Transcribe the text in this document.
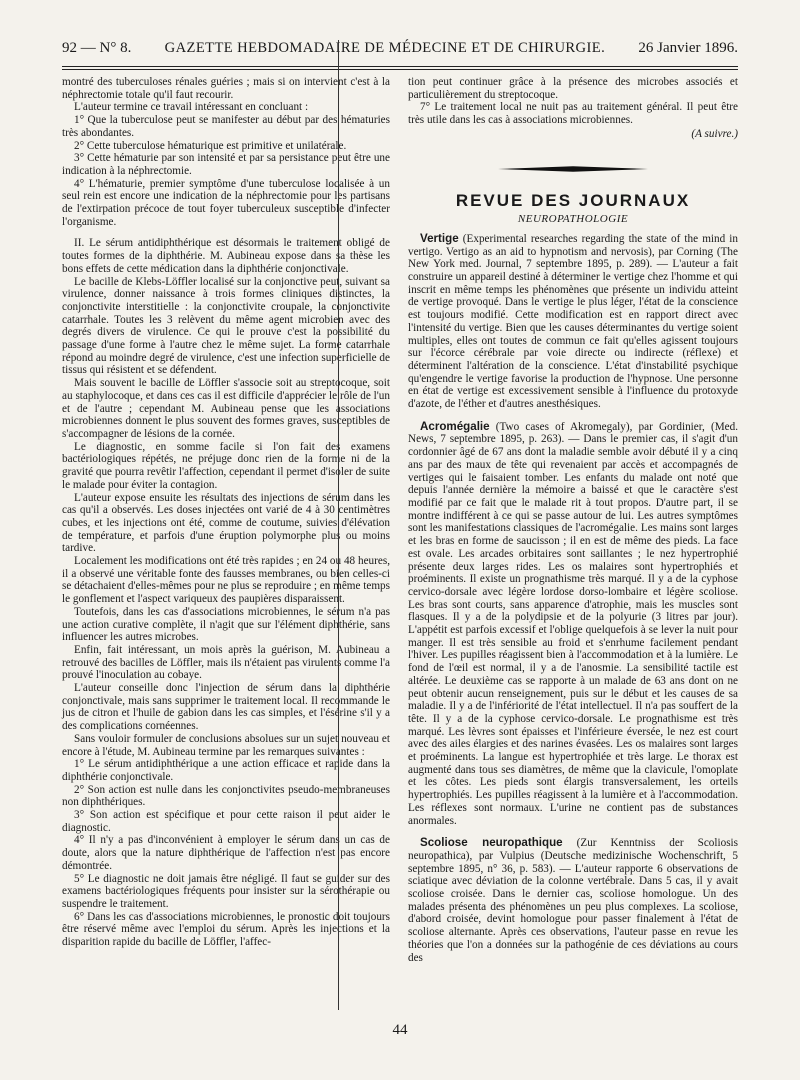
92 — N° 8. GAZETTE HEBDOMADAIRE DE MÉDECINE ET DE CHIRURGIE. 26 Janvier 1896.

montré des tuberculoses rénales guéries ; mais si on intervient c'est à la néphrectomie totale qu'il faut recourir.

L'auteur termine ce travail intéressant en concluant :

1° Que la tuberculose peut se manifester au début par des hématuries très abondantes.

2° Cette tuberculose hématurique est primitive et unilatérale.

3° Cette hématurie par son intensité et par sa persistance peut être une indication à la néphrectomie.

4° L'hématurie, premier symptôme d'une tuberculose localisée à un seul rein est encore une indication de la néphrectomie pour les partisans de l'extirpation précoce de tout foyer tuberculeux susceptible d'infecter l'organisme.

II. Le sérum antidiphthérique est désormais le traitement obligé de toutes formes de la diphthérie. M. Aubineau expose dans sa thèse les bons effets de cette médication dans la diphthérie conjonctivale.

Le bacille de Klebs-Löffler localisé sur la conjonctive peut, suivant sa virulence, donner naissance à trois formes cliniques distinctes, la conjonctivite interstitielle : la conjonctivite croupale, la conjonctivite catarrhale. Toutes les 3 relèvent du même agent microbien avec des degrés divers de virulence. Ce qui le prouve c'est la possibilité du passage d'une forme à l'autre chez le même sujet. La forme catarrhale répond au moindre degré de virulence, c'est une infection superficielle de tissus qui résistent et se défendent.

Mais souvent le bacille de Löffler s'associe soit au streptocoque, soit au staphylocoque, et dans ces cas il est difficile d'apprécier le rôle de l'un et de l'autre ; cependant M. Aubineau pense que les associations microbiennes donnent le plus souvent des formes graves, susceptibles de s'accompagner de lésions de la cornée.

Le diagnostic, en somme facile si l'on fait des examens bactériologiques répétés, ne préjuge donc rien de la forme ni de la gravité que pourra revêtir l'affection, cependant il permet d'isoler de suite le malade pour éviter la contagion.

L'auteur expose ensuite les résultats des injections de sérum dans les cas qu'il a observés. Les doses injectées ont varié de 4 à 30 centimètres cubes, et les injections ont été, comme de coutume, suivies d'élévation de température, et parfois d'une éruption polymorphe plus ou moins tardive.

Localement les modifications ont été très rapides ; en 24 ou 48 heures, il a observé une véritable fonte des fausses membranes, ou bien celles-ci se détachaient d'elles-mêmes pour ne plus se reproduire ; en même temps le gonflement et l'aspect variqueux des paupières disparaissent.

Toutefois, dans les cas d'associations microbiennes, le sérum n'a pas une action curative complète, il n'agit que sur l'élément diphthérie, sans influencer les autres microbes.

Enfin, fait intéressant, un mois après la guérison, M. Aubineau a retrouvé des bacilles de Löffler, mais ils n'étaient pas virulents comme l'a prouvé l'inoculation au cobaye.

L'auteur conseille donc l'injection de sérum dans la diphthérie conjonctivale, mais sans supprimer le traitement local. Il recommande le jus de citron et l'huile de gabion dans les cas simples, et l'ésérine s'il y a des complications cornéennes.

Sans vouloir formuler de conclusions absolues sur un sujet nouveau et encore à l'étude, M. Aubineau termine par les remarques suivantes :

1° Le sérum antidiphthérique a une action efficace et rapide dans la diphthérie conjonctivale.

2° Son action est nulle dans les conjonctivites pseudo-membraneuses non diphthériques.

3° Son action est spécifique et pour cette raison il peut aider le diagnostic.

4° Il n'y a pas d'inconvénient à employer le sérum dans un cas de doute, alors que la nature diphthérique de l'affection n'est pas encore démontrée.

5° Le diagnostic ne doit jamais être négligé. Il faut se guider sur des examens bactériologiques fréquents pour insister sur la sérothérapie ou suspendre le traitement.

6° Dans les cas d'associations microbiennes, le pronostic doit toujours être réservé même avec l'emploi du sérum. Après les injections et la disparition rapide du bacille de Löffler, l'affec-

tion peut continuer grâce à la présence des microbes associés et particulièrement du streptocoque.

7° Le traitement local ne nuit pas au traitement général. Il peut être très utile dans les cas à associations microbiennes.

(A suivre.)
REVUE DES JOURNAUX
NEUROPATHOLOGIE

Vertige (Experimental researches regarding the state of the mind in vertigo. Vertigo as an aid to hypnotism and nervosis), par Corning (The New York med. Journal, 7 septembre 1895, p. 289). — L'auteur a fait construire un appareil destiné à déterminer le vertige chez l'homme et qui inscrit en même temps les phénomènes que présente un individu atteint de vertige provoqué. Dans le vertige le plus léger, l'état de la conscience est toujours modifié. Cette modification est en rapport direct avec l'intensité du vertige. Bien que les causes déterminantes du vertige soient multiples, elles ont toutes de commun ce fait qu'elles agissent toujours sur l'écorce cérébrale par voie directe ou indirecte (réflexe) et déterminent l'altération de la conscience. L'état d'instabilité psychique qu'engendre le vertige favorise la production de l'hypnose. Une personne en état de vertige est excessivement sensible à l'influence du protoxyde d'azote, de l'éther et d'autres anesthésiques.

Acromégalie (Two cases of Akromegaly), par Gordinier, (Med. News, 7 septembre 1895, p. 263). — Dans le premier cas, il s'agit d'un cordonnier âgé de 67 ans dont la maladie semble avoir débuté il y a cinq ans par des maux de tête qui revenaient par accès et accompagnés de vertiges qui le faisaient tomber. Les enfants du malade ont noté que depuis l'année dernière la mémoire a baissé et que le caractère s'est modifié par ce fait que le malade rit à tout propos. D'autre part, il se montre indifférent à ce qui se passe autour de lui. Les autres symptômes sont les manifestations classiques de l'acromégalie. Les mains sont larges et les bras en forme de saucisson ; il en est de même des pieds. La face est ovale. Les arcades orbitaires sont saillantes ; le nez hypertrophié présente deux larges rides. Les os malaires sont hypertrophiés et proéminents. Il existe un prognathisme très marqué. Il y a de la cyphose cervico-dorsale avec légère lordose dorso-lombaire et légère scoliose. Les bras sont courts, sans apparence d'atrophie, mais les muscles sont flasques. Il y a de la polydipsie et de la polyurie (3 litres par jour). L'appétit est parfois excessif et l'oblige quelquefois à se lever la nuit pour manger. Il est très sensible au froid et s'enrhume facilement pendant l'hiver. Les pupilles réagissent bien à l'accommodation et à la lumière. Le fond de l'œil est normal, il y a de l'anosmie. La sensibilité tactile est altérée. Le deuxième cas se rapporte à un malade de 63 ans dont on ne peut obtenir aucun renseignement, puis sur le début et les causes de sa maladie. Il y a de l'infériorité de l'état intellectuel. Il n'a pas souffert de la tête. Il y a de la cyphose cervico-dorsale. Le prognathisme est très marqué. Les lèvres sont épaisses et l'inférieure éversée, le nez est court avec des ailes élargies et des narines évasées. Les os malaires sont larges et proéminents. La langue est hypertrophiée et très large. Le thorax est augmenté dans tous ses diamètres, de même que la clavicule, l'omoplate et les côtes. Les pieds sont élargis transversalement, les orteils hypertrophiés. Les pupilles réagissent à la lumière et à l'accommodation. Les réflexes sont normaux. L'urine ne contient pas de substances anormales.

Scoliose neuropathique (Zur Kenntniss der Scoliosis neuropathica), par Vulpius (Deutsche medizinische Wochenschrift, 5 septembre 1895, n° 36, p. 583). — L'auteur rapporte 6 observations de sciatique avec déviation de la colonne vertébrale. Dans 5 cas, il y avait scoliose croisée. Dans le dernier cas, scoliose homologue. Un des malades présenta des phénomènes un peu plus complexes. La scoliose, d'abord croisée, devint homologue pour passer finalement à l'état de scoliose alternante. Après ces observations, l'auteur passe en revue les théories que l'on a données sur la pathogénie de ces déviations au cours des

44
